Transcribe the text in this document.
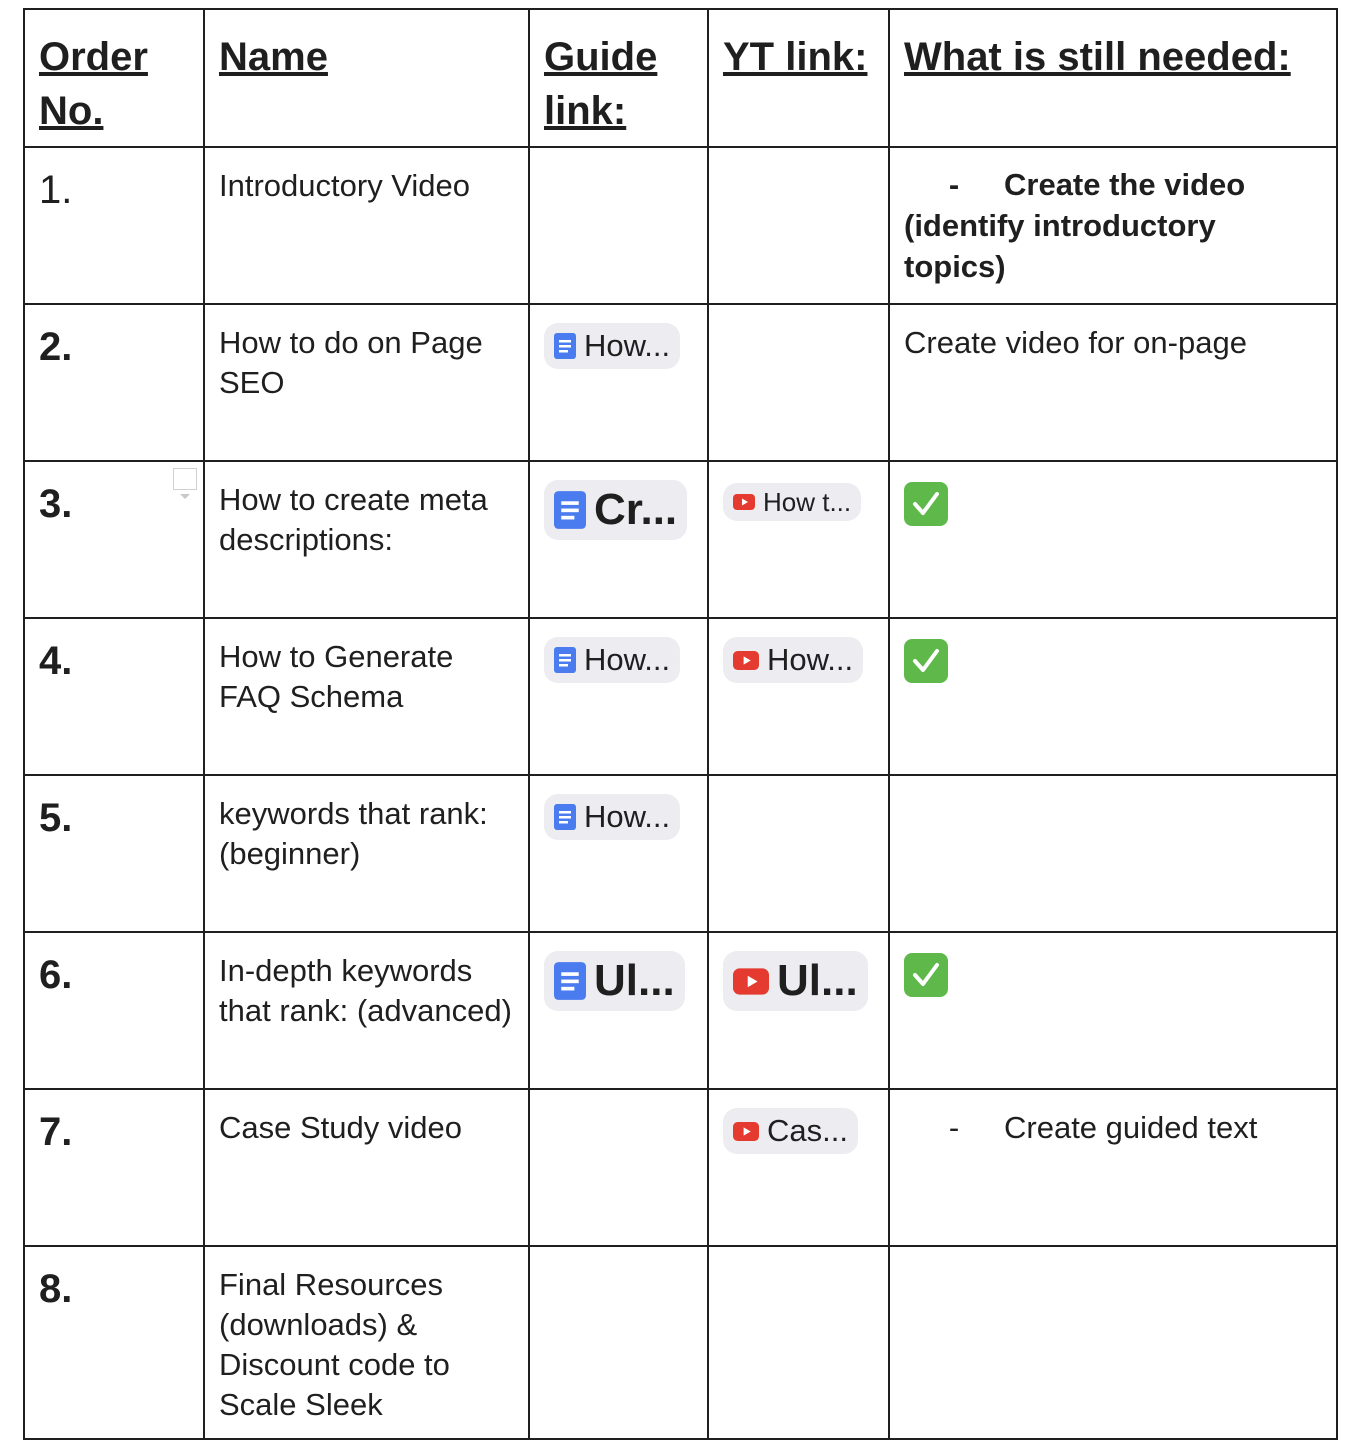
Order No.	Name	Guide link:	YT link:	What is still needed:
1.	Introductory Video			- Create the video
(identify introductory topics)

2.	How to do on Page SEO	How...		Create video for on-page
3.	How to create meta descriptions:	Cr...	How t...

4.	How to Generate FAQ Schema	How...	How...

5.	keywords that rank: (beginner)	How...		

6.	In-depth keywords that rank: (advanced)	Ul...	Ul...

7.	Case Study video		Cas...	- Create guided text

8.	Final Resources (downloads) & Discount code to Scale Sleek			
